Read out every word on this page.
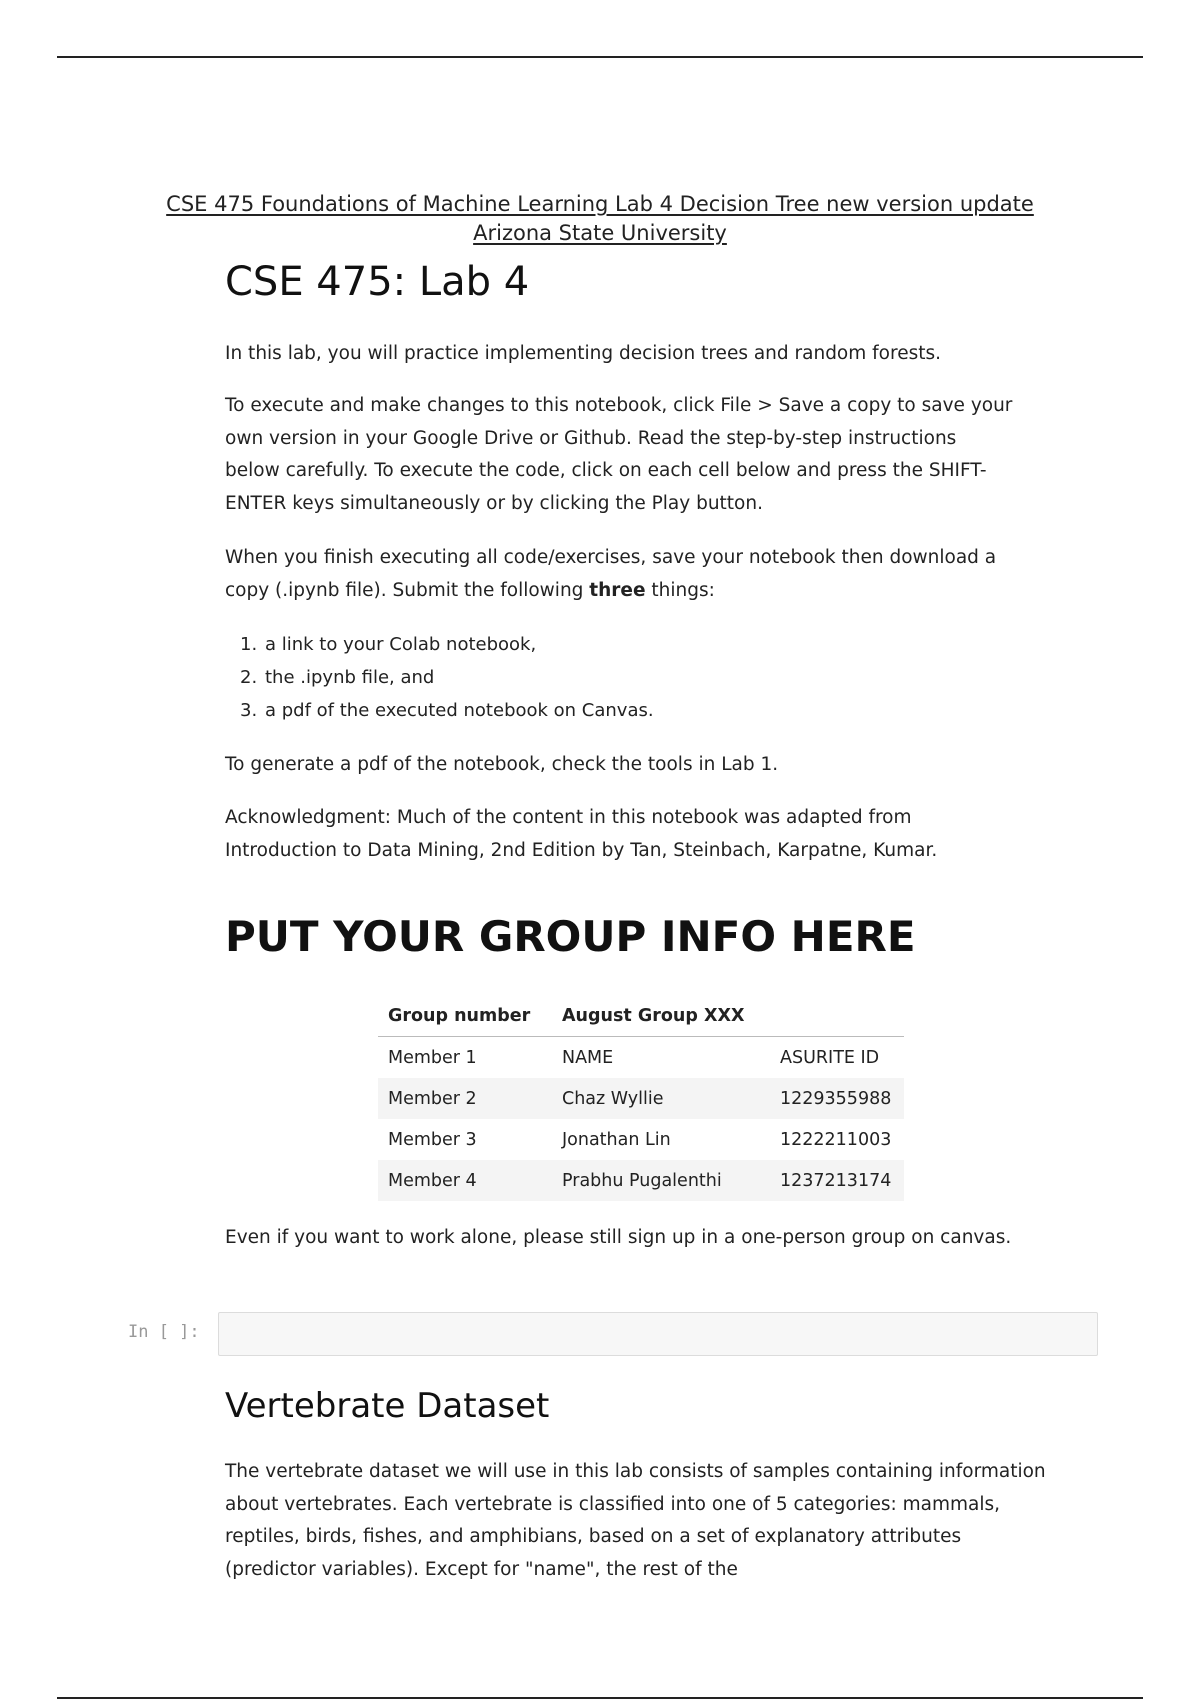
CSE 475 Foundations of Machine Learning Lab 4 Decision Tree new version update
Arizona State University
CSE 475: Lab 4

In this lab, you will practice implementing decision trees and random forests.

To execute and make changes to this notebook, click File > Save a copy to save your own version in your Google Drive or Github. Read the step-by-step instructions below carefully. To execute the code, click on each cell below and press the SHIFT-ENTER keys simultaneously or by clicking the Play button.

When you finish executing all code/exercises, save your notebook then download a copy (.ipynb file). Submit the following three things:

1. a link to your Colab notebook,
2. the .ipynb file, and
3. a pdf of the executed notebook on Canvas.

To generate a pdf of the notebook, check the tools in Lab 1.

Acknowledgment: Much of the content in this notebook was adapted from Introduction to Data Mining, 2nd Edition by Tan, Steinbach, Karpatne, Kumar.

PUT YOUR GROUP INFO HERE
Group number	August Group XXX	
Member 1	NAME	ASURITE ID
Member 2	Chaz Wyllie	1229355988
Member 3	Jonathan Lin	1222211003
Member 4	Prabhu Pugalenthi	1237213174

Even if you want to work alone, please still sign up in a one-person group on canvas.

In [ ]:
Vertebrate Dataset

The vertebrate dataset we will use in this lab consists of samples containing information about vertebrates. Each vertebrate is classified into one of 5 categories: mammals, reptiles, birds, fishes, and amphibians, based on a set of explanatory attributes (predictor variables). Except for "name", the rest of the
